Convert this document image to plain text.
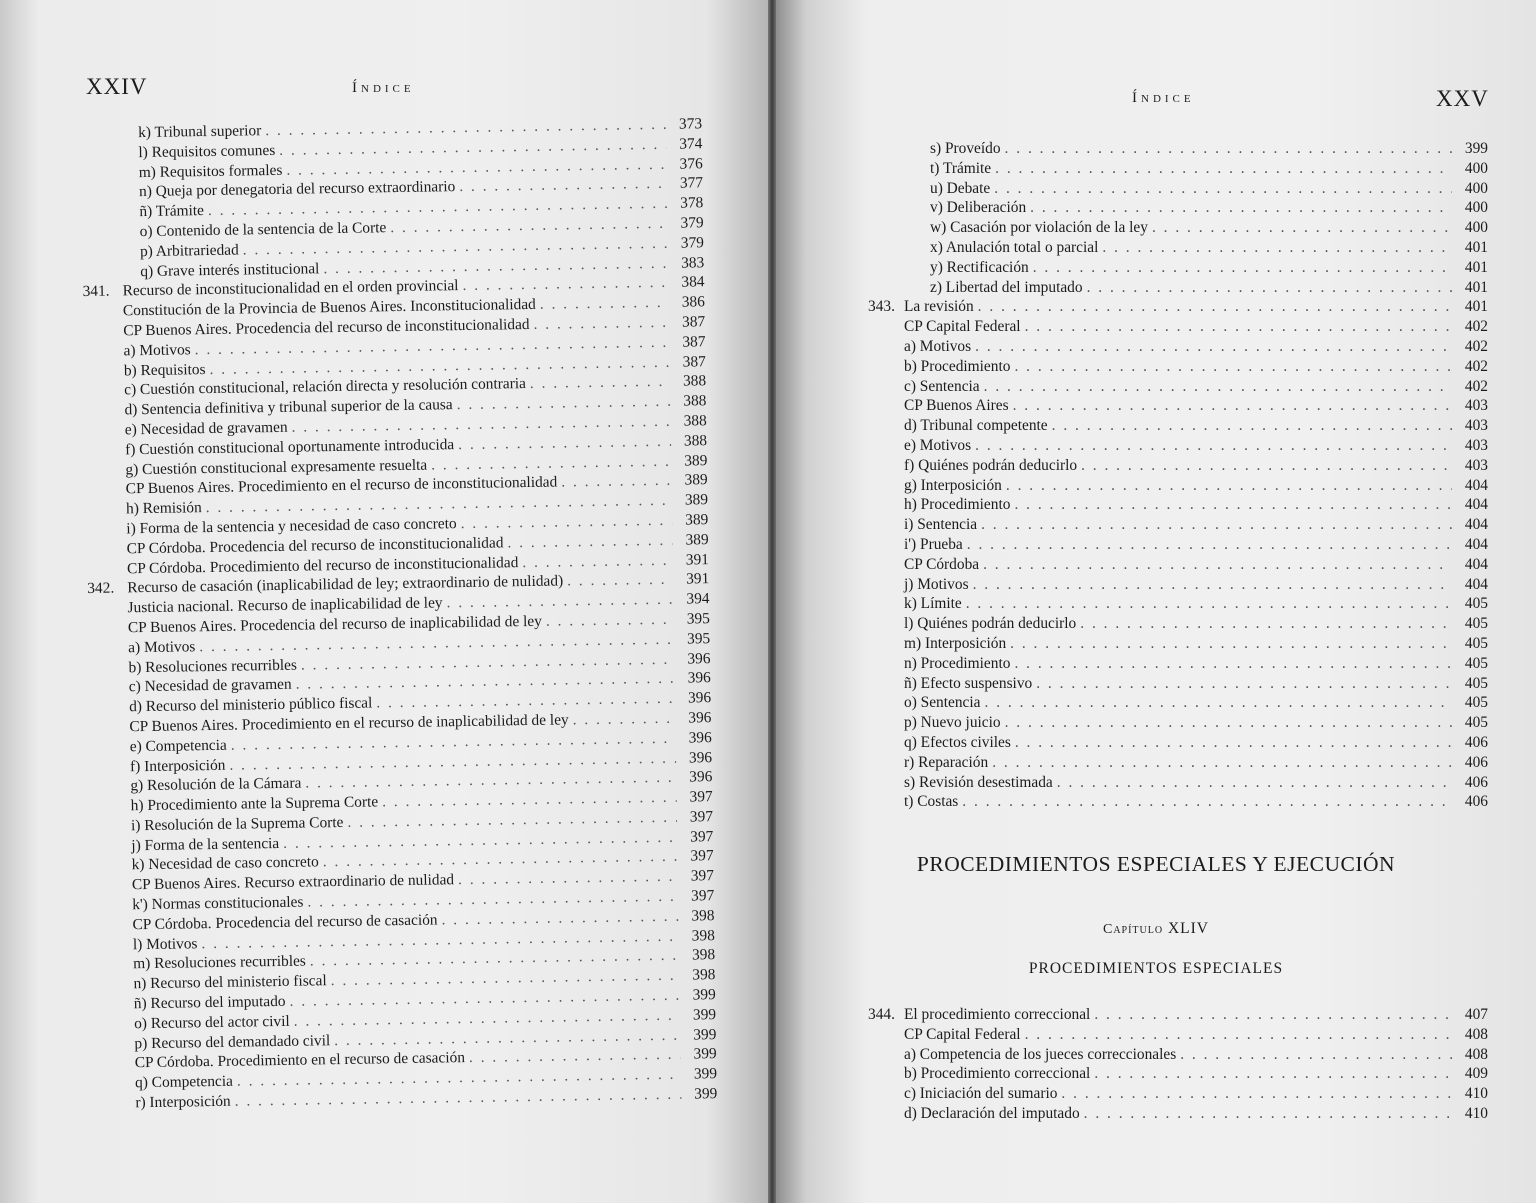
XXIV	Índice
k) Tribunal superior . . .	373
l) Requisitos comunes . . .	374
m) Requisitos formales . . .	376
n) Queja por denegatoria del recurso extraordinario . . .	377
ñ) Trámite . . .	378
o) Contenido de la sentencia de la Corte . . .	379
p) Arbitrariedad . . .	379
q) Grave interés institucional . . .	383
341. Recurso de inconstitucionalidad en el orden provincial . . .	384
Constitución de la Provincia de Buenos Aires. Inconstitucionalidad . . .	386
CP Buenos Aires. Procedencia del recurso de inconstitucionalidad . . .	387
a) Motivos . . .	387
b) Requisitos . . .	387
c) Cuestión constitucional, relación directa y resolución contraria . . .	388
d) Sentencia definitiva y tribunal superior de la causa . . .	388
e) Necesidad de gravamen . . .	388
f) Cuestión constitucional oportunamente introducida . . .	388
g) Cuestión constitucional expresamente resuelta . . .	389
CP Buenos Aires. Procedimiento en el recurso de inconstitucionalidad . . .	389
h) Remisión . . .	389
i) Forma de la sentencia y necesidad de caso concreto . . .	389
CP Córdoba. Procedencia del recurso de inconstitucionalidad . . .	389
CP Córdoba. Procedimiento del recurso de inconstitucionalidad . . .	391
342. Recurso de casación (inaplicabilidad de ley; extraordinario de nulidad) . . .	391
Justicia nacional. Recurso de inaplicabilidad de ley . . .	394
CP Buenos Aires. Procedencia del recurso de inaplicabilidad de ley . . .	395
a) Motivos . . .	395
b) Resoluciones recurribles . . .	396
c) Necesidad de gravamen . . .	396
d) Recurso del ministerio público fiscal . . .	396
CP Buenos Aires. Procedimiento en el recurso de inaplicabilidad de ley . . .	396
e) Competencia . . .	396
f) Interposición . . .	396
g) Resolución de la Cámara . . .	396
h) Procedimiento ante la Suprema Corte . . .	397
i) Resolución de la Suprema Corte . . .	397
j) Forma de la sentencia . . .	397
k) Necesidad de caso concreto . . .	397
CP Buenos Aires. Recurso extraordinario de nulidad . . .	397
k') Normas constitucionales . . .	397
CP Córdoba. Procedencia del recurso de casación . . .	398
l) Motivos . . .	398
m) Resoluciones recurribles . . .	398
n) Recurso del ministerio fiscal . . .	398
ñ) Recurso del imputado . . .	399
o) Recurso del actor civil . . .	399
p) Recurso del demandado civil . . .	399
CP Córdoba. Procedimiento en el recurso de casación . . .	399
q) Competencia . . .	399
r) Interposición . . .	399
Índice	XXV
s) Proveído . . .	399
t) Trámite . . .	400
u) Debate . . .	400
v) Deliberación . . .	400
w) Casación por violación de la ley . . .	400
x) Anulación total o parcial . . .	401
y) Rectificación . . .	401
z) Libertad del imputado . . .	401
343. La revisión . . .	401
CP Capital Federal . . .	402
a) Motivos . . .	402
b) Procedimiento . . .	402
c) Sentencia . . .	402
CP Buenos Aires . . .	403
d) Tribunal competente . . .	403
e) Motivos . . .	403
f) Quiénes podrán deducirlo . . .	403
g) Interposición . . .	404
h) Procedimiento . . .	404
i) Sentencia . . .	404
i') Prueba . . .	404
CP Córdoba . . .	404
j) Motivos . . .	404
k) Límite . . .	405
l) Quiénes podrán deducirlo . . .	405
m) Interposición . . .	405
n) Procedimiento . . .	405
ñ) Efecto suspensivo . . .	405
o) Sentencia . . .	405
p) Nuevo juicio . . .	405
q) Efectos civiles . . .	406
r) Reparación . . .	406
s) Revisión desestimada . . .	406
t) Costas . . .	406
PROCEDIMIENTOS ESPECIALES Y EJECUCIÓN
Capítulo XLIV
PROCEDIMIENTOS ESPECIALES
344. El procedimiento correccional . . .	407
CP Capital Federal . . .	408
a) Competencia de los jueces correccionales . . .	408
b) Procedimiento correccional . . .	409
c) Iniciación del sumario . . .	410
d) Declaración del imputado . . .	410
